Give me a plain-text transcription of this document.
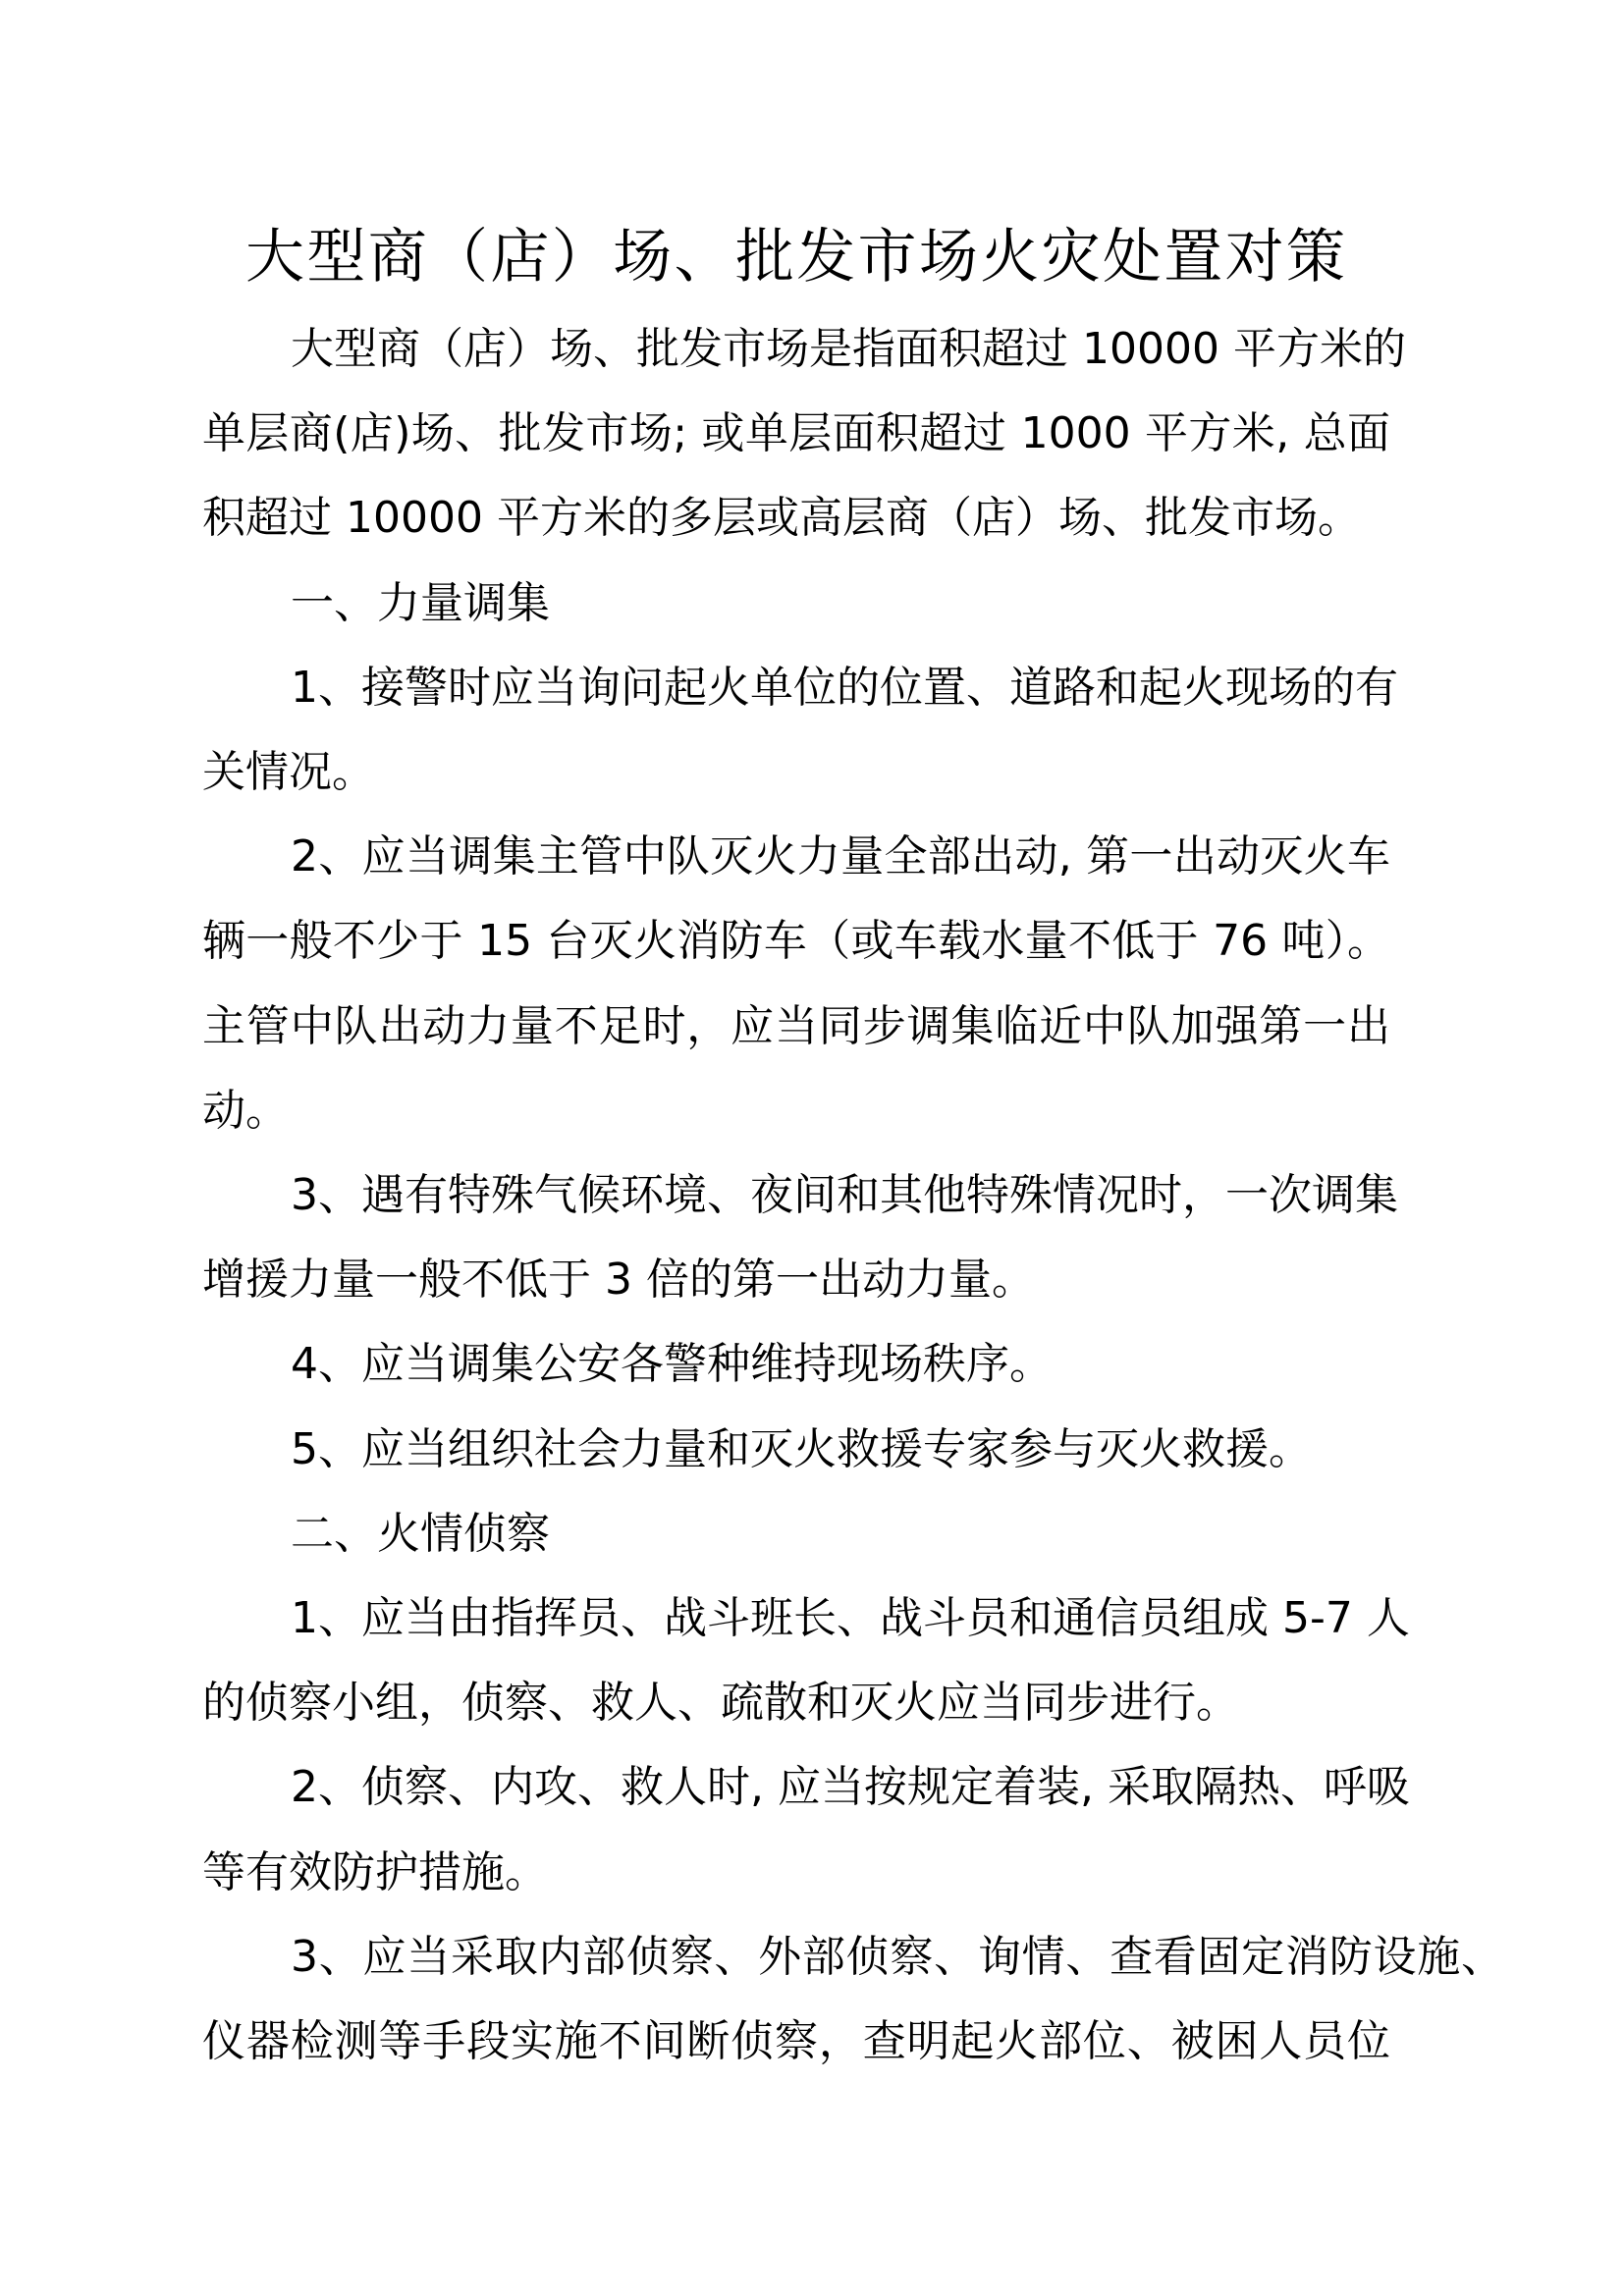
大型商（店）场、批发市场火灾处置对策
大型商（店）场、批发市场是指面积超过 10000 平方米的
单层商(店)场、批发市场; 或单层面积超过 1000 平方米, 总面
积超过 10000 平方米的多层或高层商（店）场、批发市场。
一、力量调集
1、接警时应当询问起火单位的位置、道路和起火现场的有
关情况。
2、应当调集主管中队灭火力量全部出动, 第一出动灭火车
辆一般不少于 15 台灭火消防车（或车载水量不低于 76 吨）。
主管中队出动力量不足时，应当同步调集临近中队加强第一出
动。
3、遇有特殊气候环境、夜间和其他特殊情况时，一次调集
增援力量一般不低于 3 倍的第一出动力量。
4、应当调集公安各警种维持现场秩序。
5、应当组织社会力量和灭火救援专家参与灭火救援。
二、火情侦察
1、应当由指挥员、战斗班长、战斗员和通信员组成 5-7 人
的侦察小组，侦察、救人、疏散和灭火应当同步进行。
2、侦察、内攻、救人时, 应当按规定着装, 采取隔热、呼吸
等有效防护措施。
3、应当采取内部侦察、外部侦察、询情、查看固定消防设施、
仪器检测等手段实施不间断侦察，查明起火部位、被困人员位
